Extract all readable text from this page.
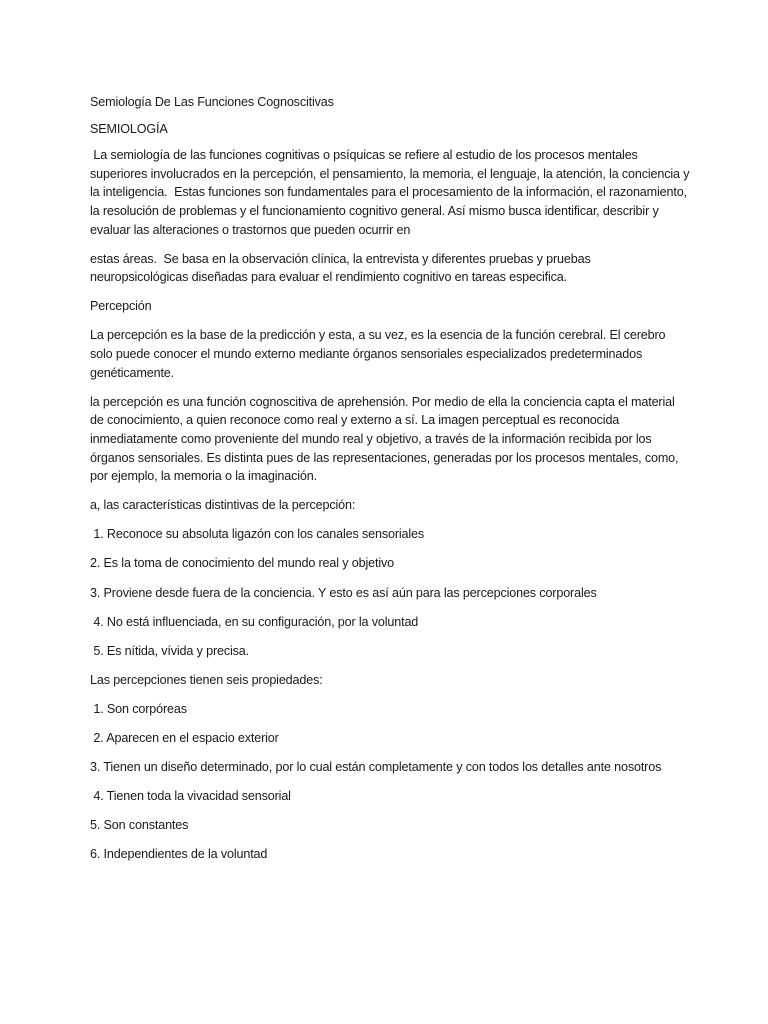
Semiología De Las Funciones Cognoscitivas

SEMIOLOGÍA

La semiología de las funciones cognitivas o psíquicas se refiere al estudio de los procesos mentales superiores involucrados en la percepción, el pensamiento, la memoria, el lenguaje, la atención, la conciencia y la inteligencia.  Estas funciones son fundamentales para el procesamiento de la información, el razonamiento, la resolución de problemas y el funcionamiento cognitivo general. Así mismo busca identificar, describir y evaluar las alteraciones o trastornos que pueden ocurrir en

estas áreas.  Se basa en la observación clínica, la entrevista y diferentes pruebas y pruebas neuropsicológicas diseñadas para evaluar el rendimiento cognitivo en tareas especifica.

Percepción

La percepción es la base de la predicción y esta, a su vez, es la esencia de la función cerebral. El cerebro solo puede conocer el mundo externo mediante órganos sensoriales especializados predeterminados genéticamente.

la percepción es una función cognoscitiva de aprehensión. Por medio de ella la conciencia capta el material de conocimiento, a quien reconoce como real y externo a sí. La imagen perceptual es reconocida inmediatamente como proveniente del mundo real y objetivo, a través de la información recibida por los órganos sensoriales. Es distinta pues de las representaciones, generadas por los procesos mentales, como, por ejemplo, la memoria o la imaginación.

a, las características distintivas de la percepción:

1. Reconoce su absoluta ligazón con los canales sensoriales
2. Es la toma de conocimiento del mundo real y objetivo
3. Proviene desde fuera de la conciencia. Y esto es así aún para las percepciones corporales
4. No está influenciada, en su configuración, por la voluntad
5. Es nítida, vívida y precisa.

Las percepciones tienen seis propiedades:

1. Son corpóreas
2. Aparecen en el espacio exterior
3. Tienen un diseño determinado, por lo cual están completamente y con todos los detalles ante nosotros
4. Tienen toda la vivacidad sensorial
5. Son constantes
6. Independientes de la voluntad
